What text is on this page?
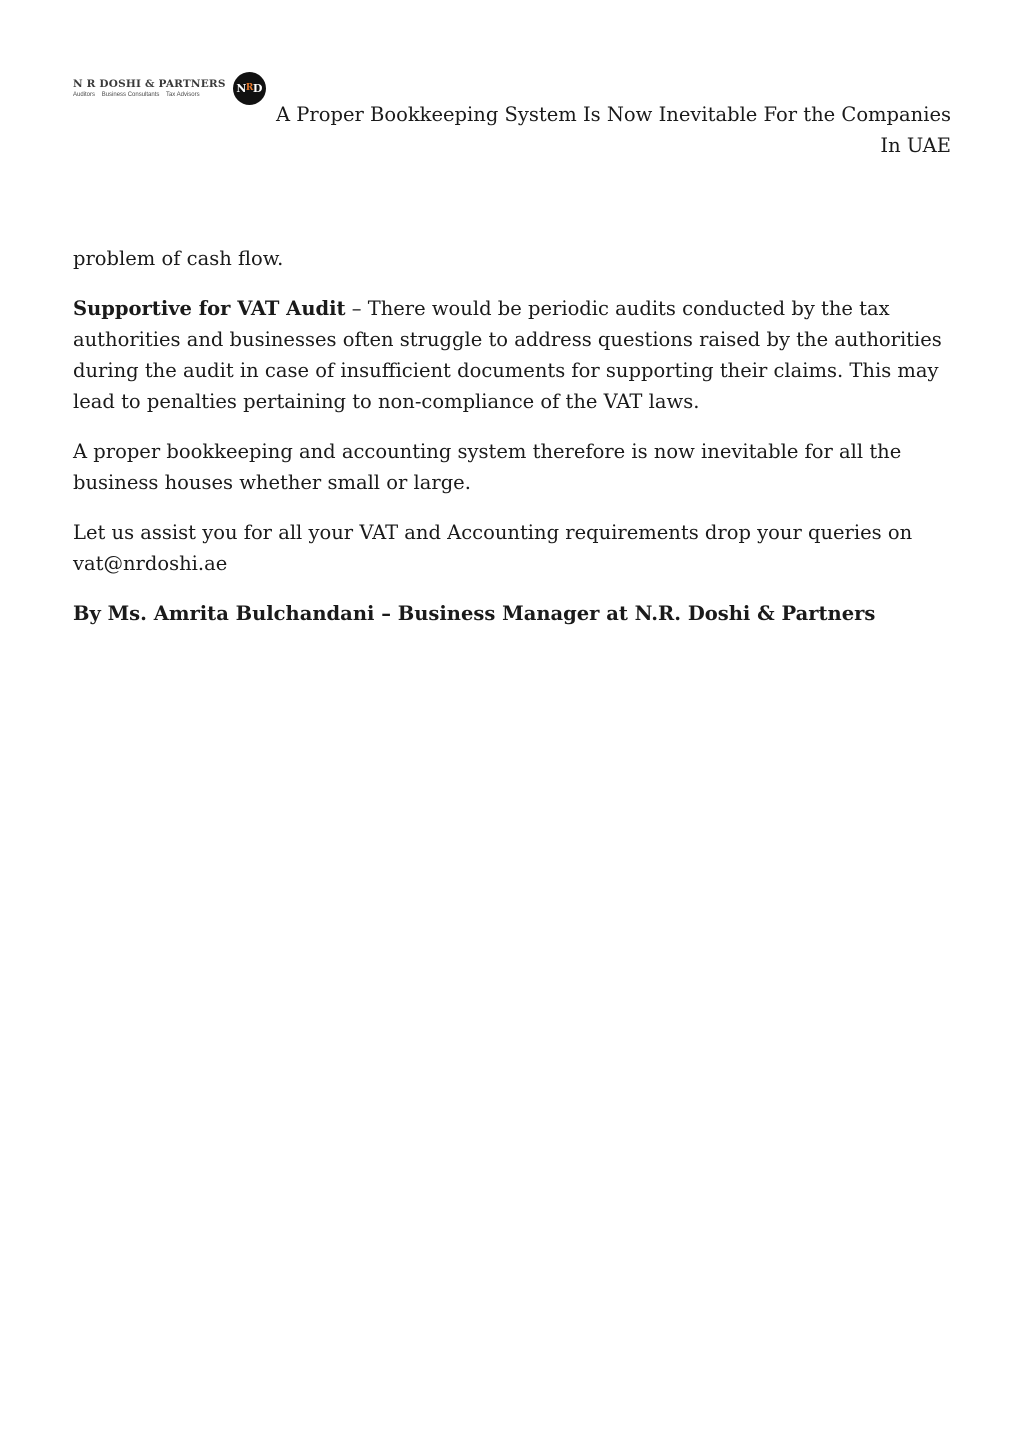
N R DOSHI & PARTNERS
Auditors Business Consultants Tax Advisors	N R D
A Proper Bookkeeping System Is Now Inevitable For the Companies In UAE

problem of cash flow.

Supportive for VAT Audit – There would be periodic audits conducted by the tax authorities and businesses often struggle to address questions raised by the authorities during the audit in case of insufficient documents for supporting their claims. This may lead to penalties pertaining to non-compliance of the VAT laws.

A proper bookkeeping and accounting system therefore is now inevitable for all the business houses whether small or large.

Let us assist you for all your VAT and Accounting requirements drop your queries on vat@nrdoshi.ae

By Ms. Amrita Bulchandani – Business Manager at N.R. Doshi & Partners
